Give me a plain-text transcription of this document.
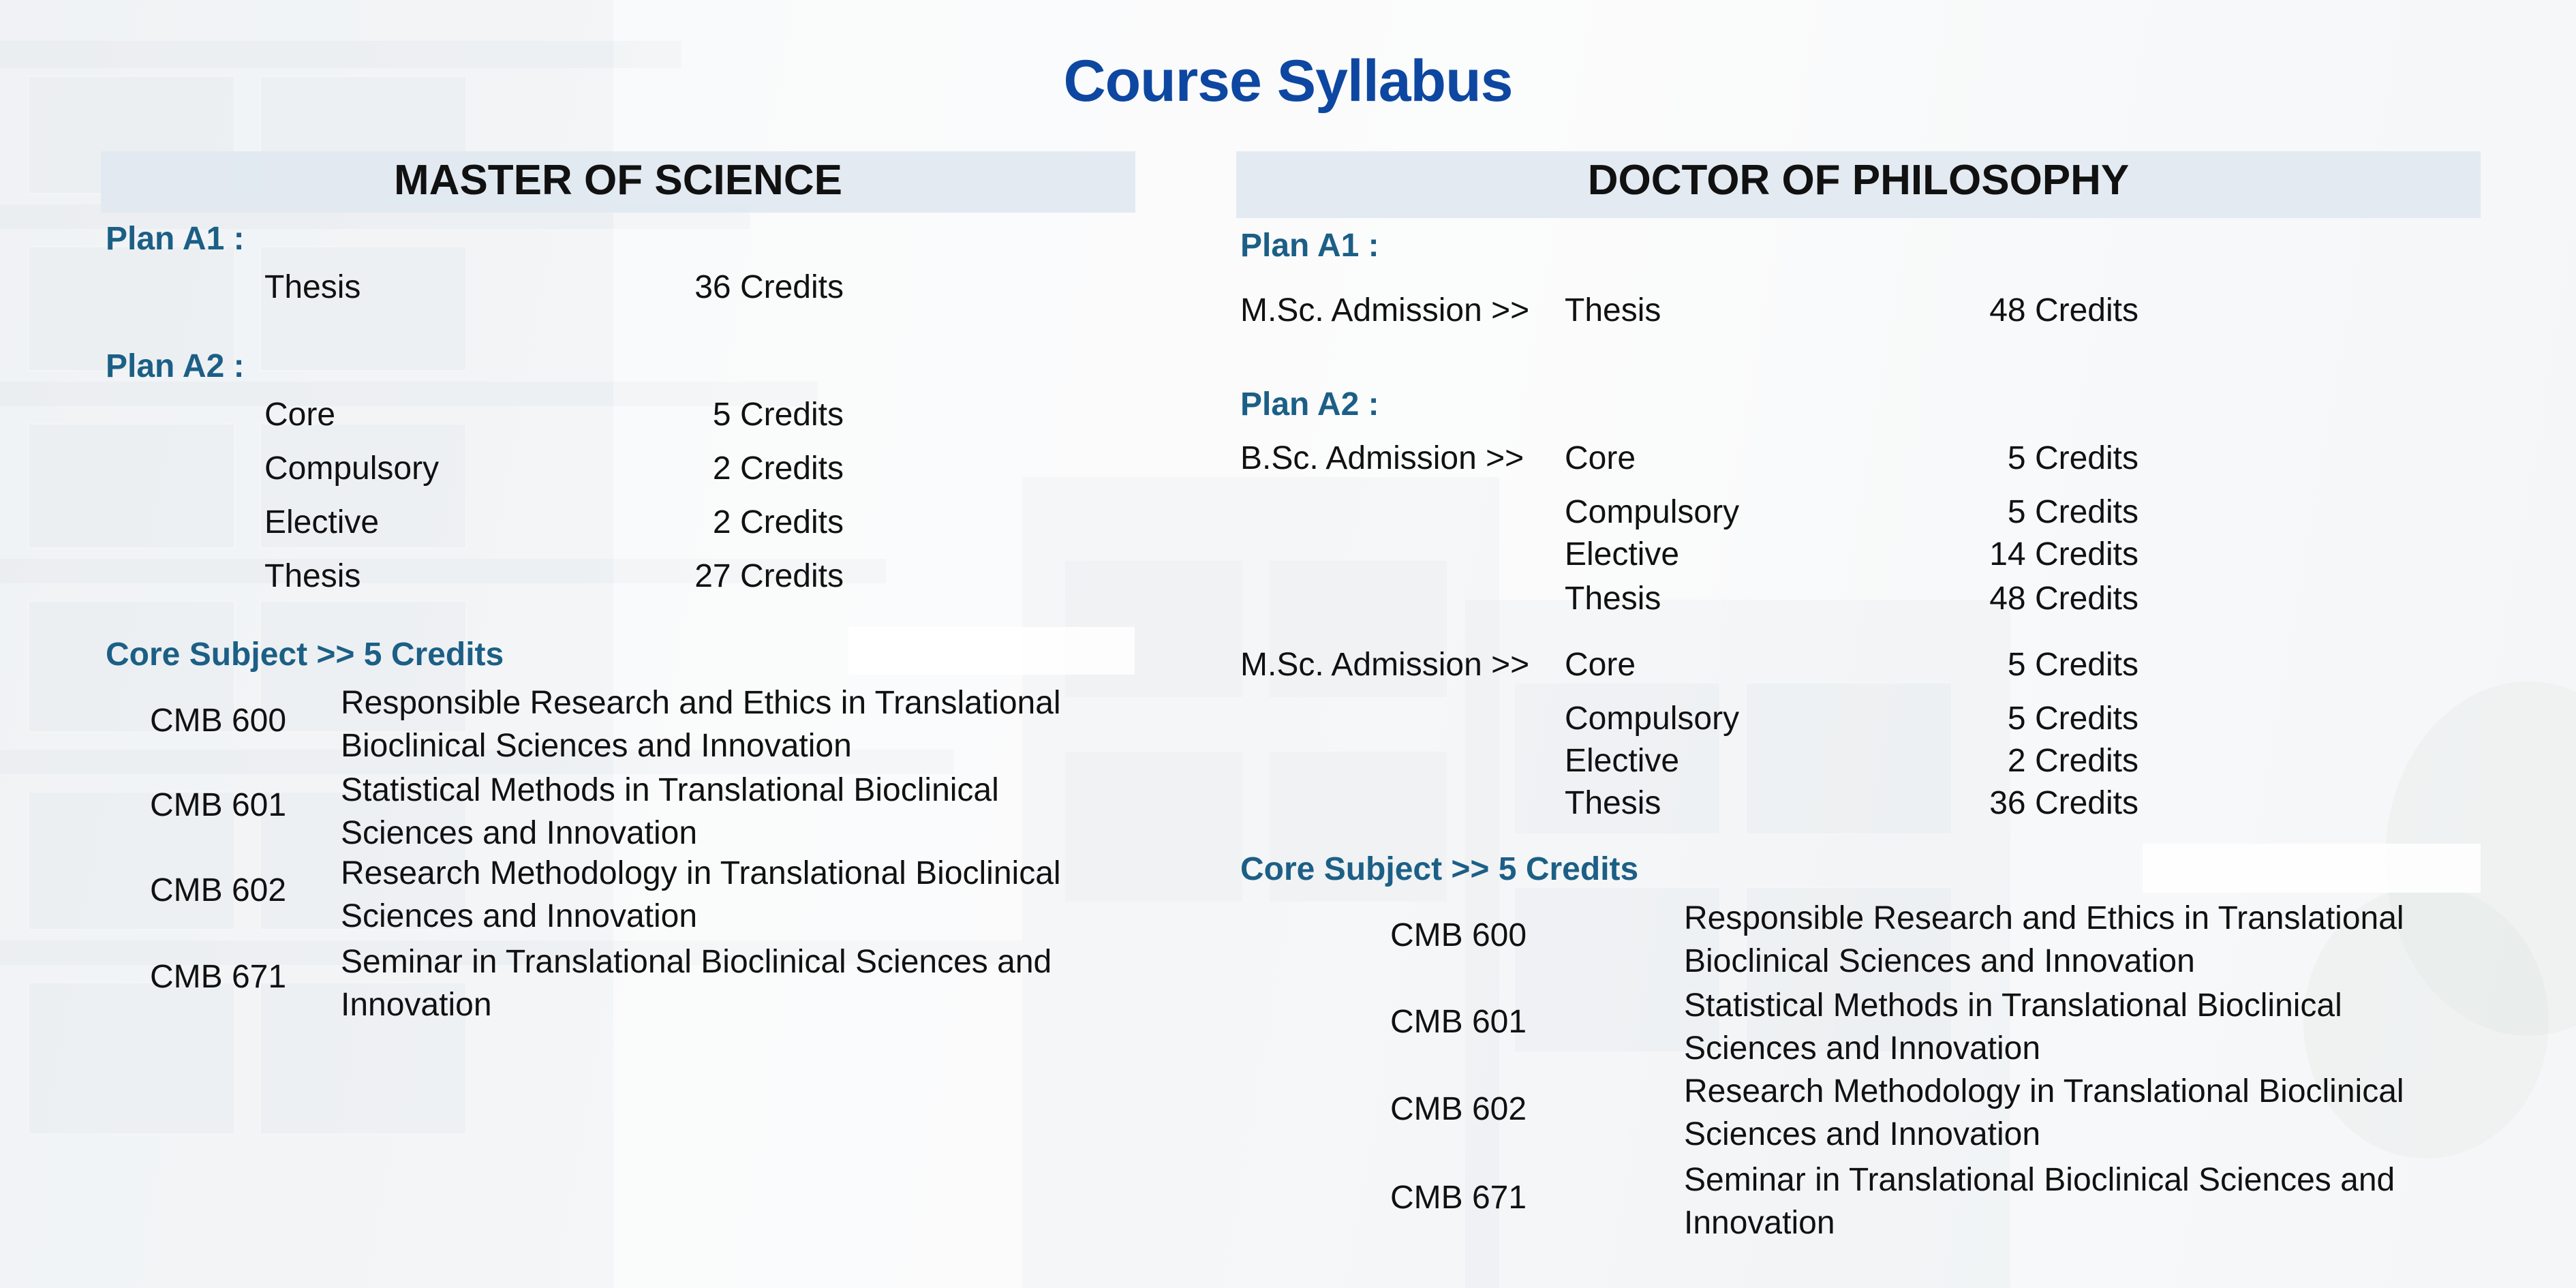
Course Syllabus
MASTER OF SCIENCE
Plan A1 :
Thesis	36 Credits
Plan A2 :
Core	5 Credits
Compulsory	2 Credits
Elective	2 Credits
Thesis	27 Credits
Core Subject >> 5 Credits
CMB 600	Responsible Research and Ethics in Translational Bioclinical Sciences and Innovation
CMB 601	Statistical Methods in Translational Bioclinical Sciences and Innovation
CMB 602	Research Methodology in Translational Bioclinical Sciences and Innovation
CMB 671	Seminar in Translational Bioclinical Sciences and Innovation
DOCTOR OF PHILOSOPHY
Plan A1 :
M.Sc. Admission >> Thesis	48 Credits
Plan A2 :
B.Sc. Admission >> Core	5 Credits
Compulsory	5 Credits
Elective	14 Credits
Thesis	48 Credits
M.Sc. Admission >> Core	5 Credits
Compulsory	5 Credits
Elective	2 Credits
Thesis	36 Credits
Core Subject >> 5 Credits
CMB 600	Responsible Research and Ethics in Translational Bioclinical Sciences and Innovation
CMB 601	Statistical Methods in Translational Bioclinical Sciences and Innovation
CMB 602	Research Methodology in Translational Bioclinical Sciences and Innovation
CMB 671	Seminar in Translational Bioclinical Sciences and Innovation
